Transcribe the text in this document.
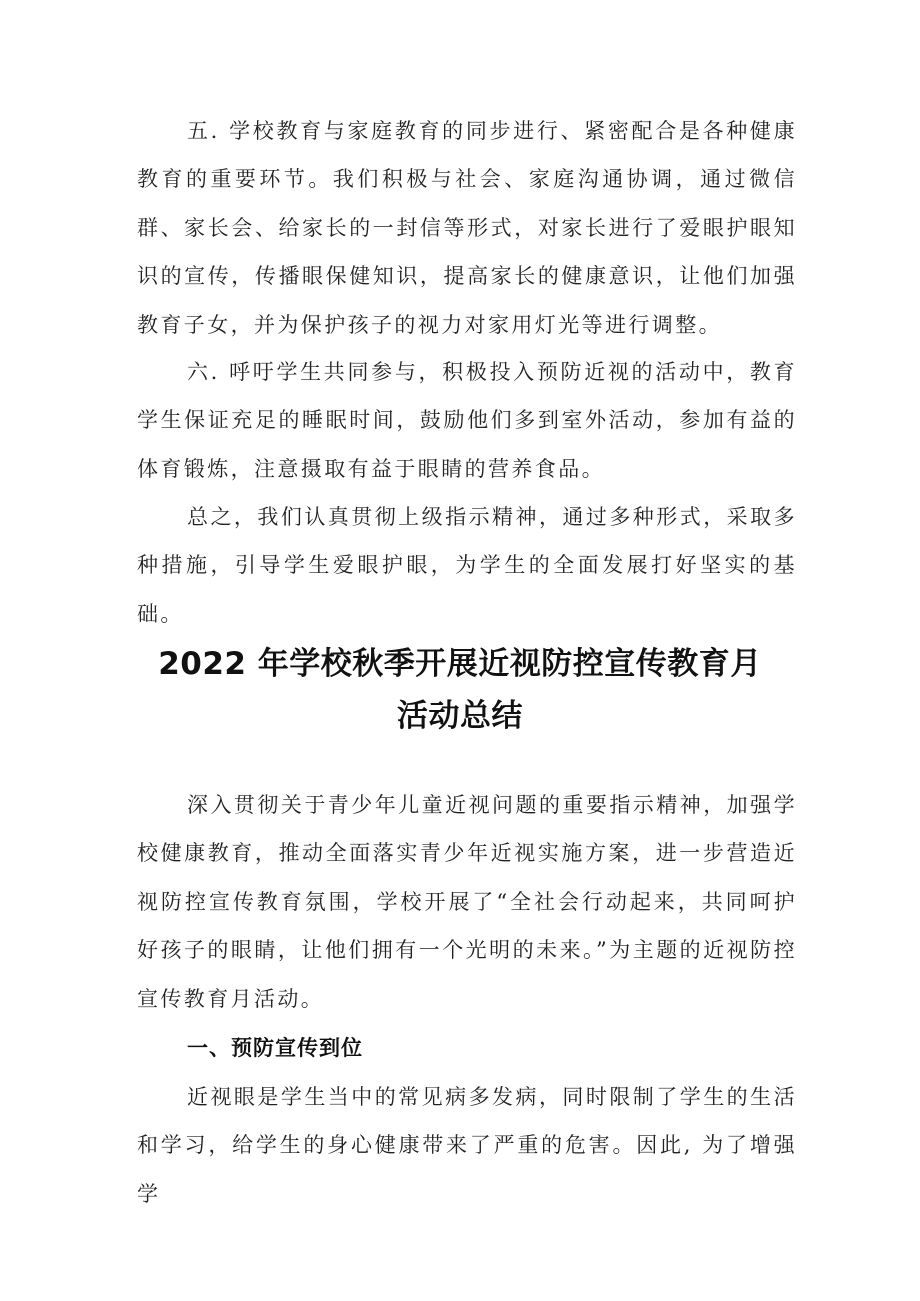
五. 学校教育与家庭教育的同步进行、紧密配合是各种健康教育的重要环节。我们积极与社会、家庭沟通协调，通过微信群、家长会、给家长的一封信等形式，对家长进行了爱眼护眼知识的宣传，传播眼保健知识，提高家长的健康意识，让他们加强教育子女，并为保护孩子的视力对家用灯光等进行调整。

六. 呼吁学生共同参与，积极投入预防近视的活动中，教育学生保证充足的睡眠时间，鼓励他们多到室外活动，参加有益的体育锻炼，注意摄取有益于眼睛的营养食品。

总之，我们认真贯彻上级指示精神，通过多种形式，采取多种措施，引导学生爱眼护眼，为学生的全面发展打好坚实的基础。

2022 年学校秋季开展近视防控宣传教育月
活动总结

深入贯彻关于青少年儿童近视问题的重要指示精神，加强学校健康教育，推动全面落实青少年近视实施方案，进一步营造近视防控宣传教育氛围，学校开展了“全社会行动起来，共同呵护好孩子的眼睛，让他们拥有一个光明的未来。”为主题的近视防控宣传教育月活动。

一、预防宣传到位

近视眼是学生当中的常见病多发病，同时限制了学生的生活和学习，给学生的身心健康带来了严重的危害。因此, 为了增强学
